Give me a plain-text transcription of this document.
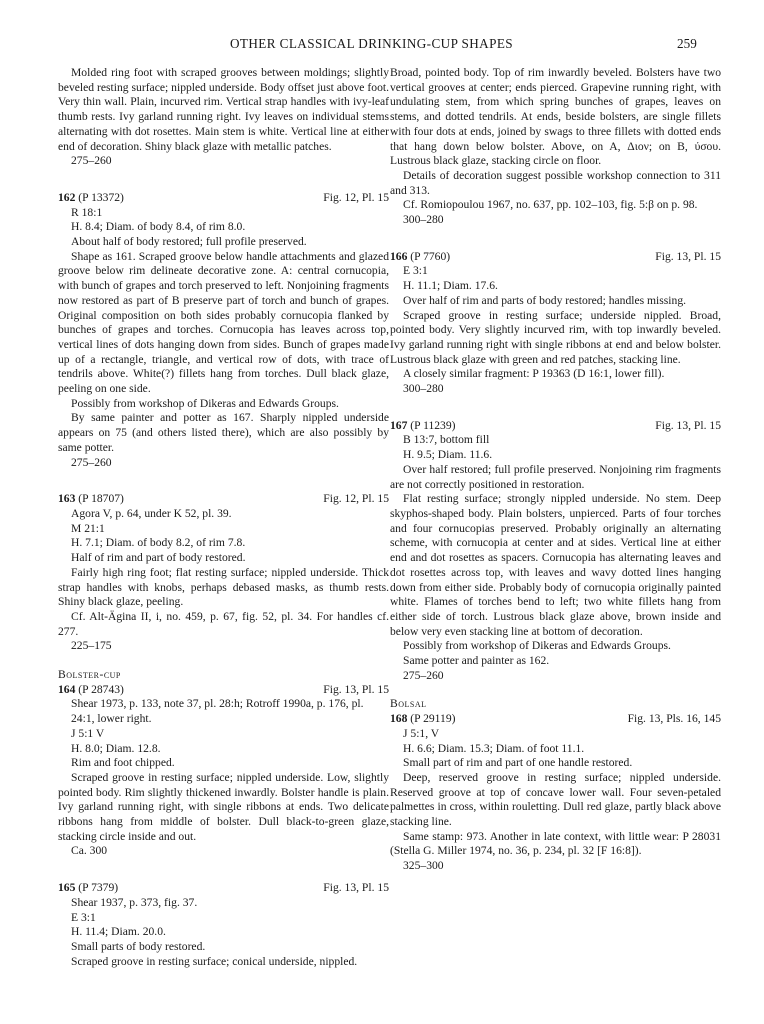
OTHER CLASSICAL DRINKING-CUP SHAPES	259

Molded ring foot with scraped grooves between moldings; slightly beveled resting surface; nippled underside. Body offset just above foot. Very thin wall. Plain, incurved rim. Vertical strap handles with ivy-leaf thumb rests. Ivy garland running right. Ivy leaves on individual stems alternating with dot rosettes. Main stem is white. Vertical line at either end of decoration. Shiny black glaze with metallic patches.

275–260
162 (P 13372)	Fig. 12, Pl. 15
R 18:1
H. 8.4; Diam. of body 8.4, of rim 8.0.
About half of body restored; full profile preserved.

Shape as 161. Scraped groove below handle attachments and glazed groove below rim delineate decorative zone. A: central cornucopia, with bunch of grapes and torch preserved to left. Nonjoining fragments now restored as part of B preserve part of torch and bunch of grapes. Original composition on both sides probably cornucopia flanked by bunches of grapes and torches. Cornucopia has leaves across top, vertical lines of dots hanging down from sides. Bunch of grapes made up of a rectangle, triangle, and vertical row of dots, with trace of tendrils above. White(?) fillets hang from torches. Dull black glaze, peeling on one side.

Possibly from workshop of Dikeras and Edwards Groups.

By same painter and potter as 167. Sharply nippled underside appears on 75 (and others listed there), which are also possibly by same potter.

275–260
163 (P 18707)	Fig. 12, Pl. 15
Agora V, p. 64, under K 52, pl. 39.
M 21:1
H. 7.1; Diam. of body 8.2, of rim 7.8.
Half of rim and part of body restored.

Fairly high ring foot; flat resting surface; nippled underside. Thick strap handles with knobs, perhaps debased masks, as thumb rests. Shiny black glaze, peeling.

Cf. Alt-Ägina II, i, no. 459, p. 67, fig. 52, pl. 34. For handles cf. 277.

225–175

Bolster-cup

164 (P 28743)	Fig. 13, Pl. 15
Shear 1973, p. 133, note 37, pl. 28:h; Rotroff 1990a, p. 176, pl. 24:1, lower right.
J 5:1 V
H. 8.0; Diam. 12.8.
Rim and foot chipped.

Scraped groove in resting surface; nippled underside. Low, slightly pointed body. Rim slightly thickened inwardly. Bolster handle is plain. Ivy garland running right, with single ribbons at ends. Two delicate ribbons hang from middle of bolster. Dull black-to-green glaze, stacking circle inside and out.

Ca. 300
165 (P 7379)	Fig. 13, Pl. 15
Shear 1937, p. 373, fig. 37.
E 3:1
H. 11.4; Diam. 20.0.
Small parts of body restored.

Scraped groove in resting surface; conical underside, nippled.

Broad, pointed body. Top of rim inwardly beveled. Bolsters have two vertical grooves at center; ends pierced. Grapevine running right, with undulating stem, from which spring bunches of grapes, leaves on stems, and dotted tendrils. At ends, beside bolsters, are single fillets with four dots at ends, joined by swags to three fillets with dotted ends that hang down below bolster. Above, on A, Διον; on B, ύσου. Lustrous black glaze, stacking circle on floor.

Details of decoration suggest possible workshop connection to 311 and 313.

Cf. Romiopoulou 1967, no. 637, pp. 102–103, fig. 5:β on p. 98.

300–280
166 (P 7760)	Fig. 13, Pl. 15
E 3:1
H. 11.1; Diam. 17.6.

Over half of rim and parts of body restored; handles missing.

Scraped groove in resting surface; underside nippled. Broad, pointed body. Very slightly incurved rim, with top inwardly beveled. Ivy garland running right with single ribbons at end and below bolster. Lustrous black glaze with green and red patches, stacking line.

A closely similar fragment: P 19363 (D 16:1, lower fill).

300–280
167 (P 11239)	Fig. 13, Pl. 15
B 13:7, bottom fill
H. 9.5; Diam. 11.6.

Over half restored; full profile preserved. Nonjoining rim fragments are not correctly positioned in restoration.

Flat resting surface; strongly nippled underside. No stem. Deep skyphos-shaped body. Plain bolsters, unpierced. Parts of four torches and four cornucopias preserved. Probably originally an alternating scheme, with cornucopia at center and at sides. Vertical line at either end and dot rosettes as spacers. Cornucopia has alternating leaves and dot rosettes across top, with leaves and wavy dotted lines hanging down from either side. Probably body of cornucopia originally painted white. Flames of torches bend to left; two white fillets hang from either side of torch. Lustrous black glaze above, brown inside and below very even stacking line at bottom of decoration.

Possibly from workshop of Dikeras and Edwards Groups.

Same potter and painter as 162.

275–260

Bolsal

168 (P 29119)	Fig. 13, Pls. 16, 145
J 5:1, V
H. 6.6; Diam. 15.3; Diam. of foot 11.1.
Small part of rim and part of one handle restored.

Deep, reserved groove in resting surface; nippled underside. Reserved groove at top of concave lower wall. Four seven-petaled palmettes in cross, within rouletting. Dull red glaze, partly black above stacking line.

Same stamp: 973. Another in late context, with little wear: P 28031 (Stella G. Miller 1974, no. 36, p. 234, pl. 32 [F 16:8]).

325–300
